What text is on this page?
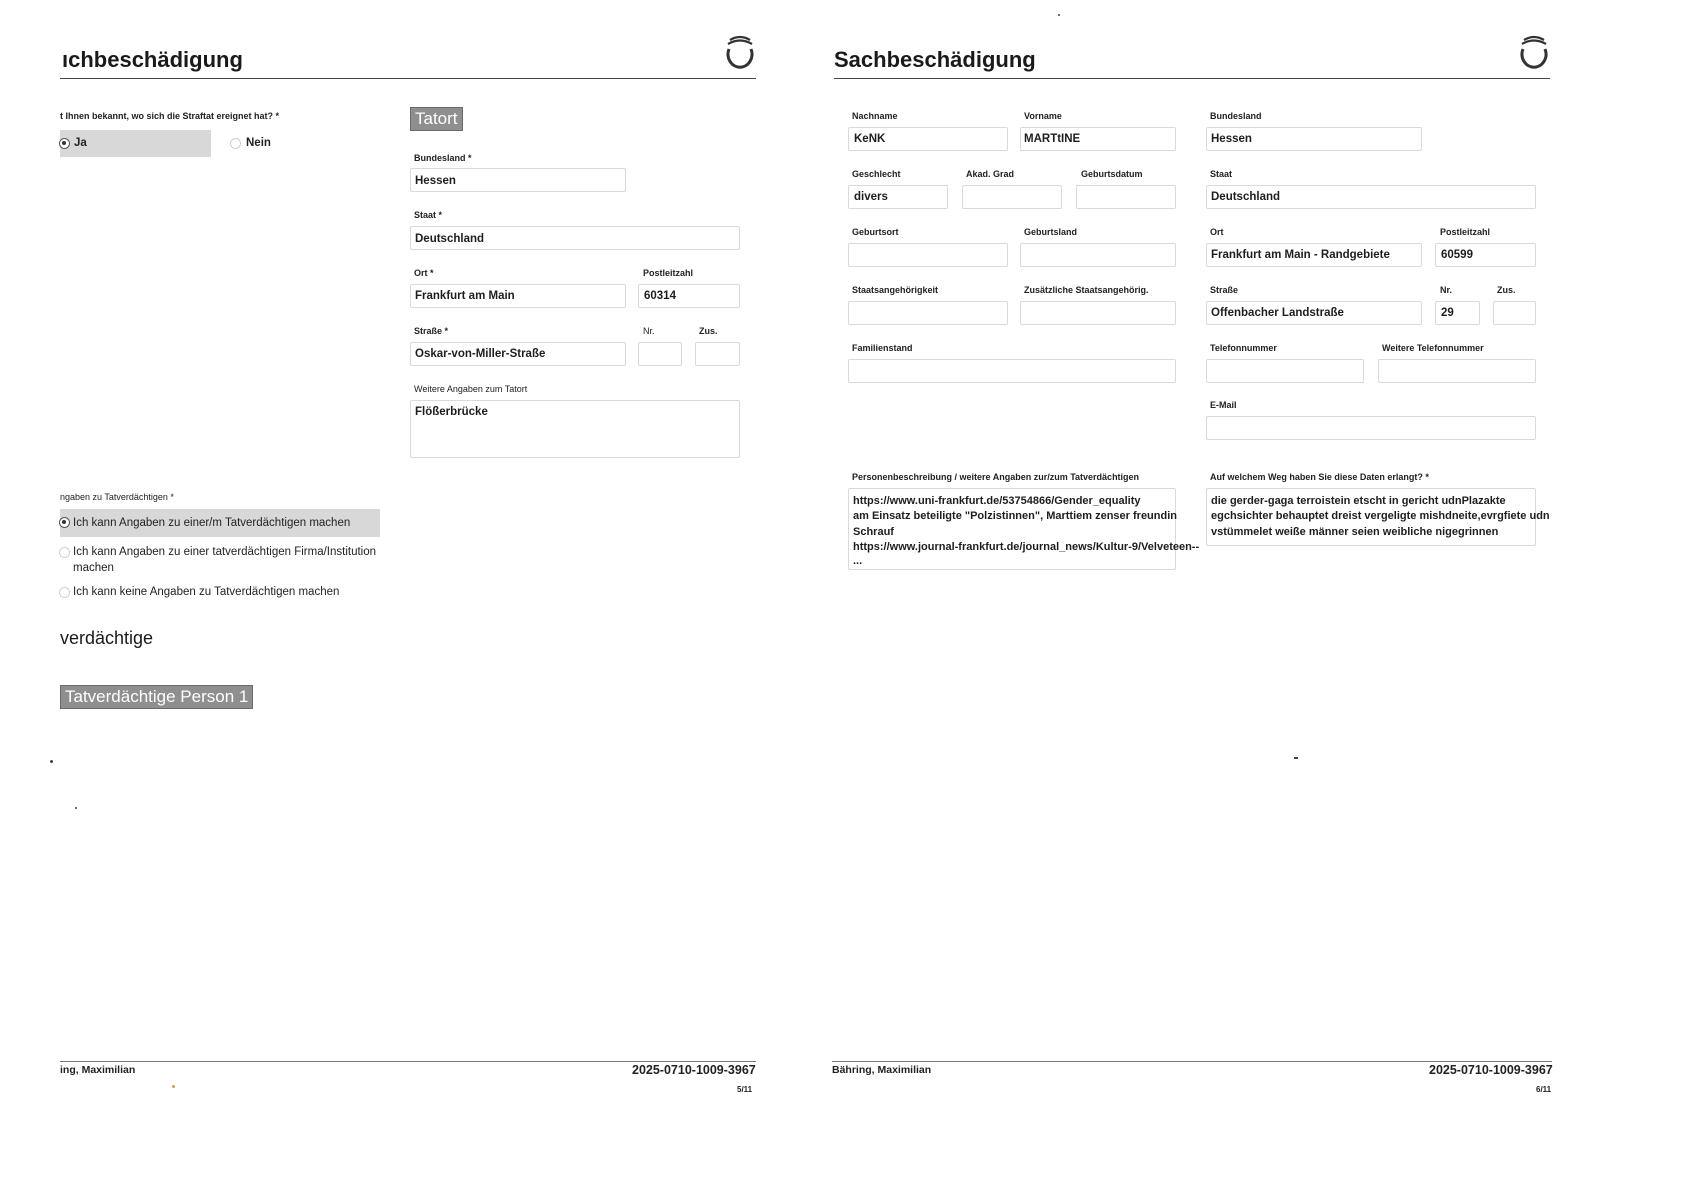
ıchbeschädigung
t Ihnen bekannt, wo sich die Straftat ereignet hat? *
Ja	Nein
Tatort
Bundesland *
Hessen
Staat *
Deutschland
Ort *	Postleitzahl
Frankfurt am Main	60314
Straße *	Nr.	Zus.
Oskar-von-Miller-Straße
Weitere Angaben zum Tatort
Flößerbrücke
ngaben zu Tatverdächtigen *
Ich kann Angaben zu einer/m Tatverdächtigen machen
Ich kann Angaben zu einer tatverdächtigen Firma/Institution
machen
Ich kann keine Angaben zu Tatverdächtigen machen
verdächtige
Tatverdächtige Person 1
ing, Maximilian	2025-0710-1009-3967
5/11
Sachbeschädigung
Nachname	Vorname
KeNK	MARTtINE
Geschlecht	Akad. Grad	Geburtsdatum
divers
Geburtsort	Geburtsland
Staatsangehörigkeit	Zusätzliche Staatsangehörig.
Familienstand
Bundesland
Hessen
Staat
Deutschland
Ort	Postleitzahl
Frankfurt am Main - Randgebiete	60599
Straße	Nr.	Zus.
Offenbacher Landstraße	29
Telefonnummer	Weitere Telefonnummer
E-Mail
Personenbeschreibung / weitere Angaben zur/zum Tatverdächtigen
https://www.uni-frankfurt.de/53754866/Gender_equality
am Einsatz beteiligte "Polzistinnen", Marttiem zenser freundin
Schrauf
https://www.journal-frankfurt.de/journal_news/Kultur-9/Velveteen--
...
Auf welchem Weg haben Sie diese Daten erlangt? *
die gerder-gaga terroistein etscht in gericht udnPlazakte
egchsichter behauptet dreist vergeligte mishdneite,evrgfiete udn
vstümmelet weiße männer seien weibliche nigegrinnen
Bähring, Maximilian	2025-0710-1009-3967
6/11
